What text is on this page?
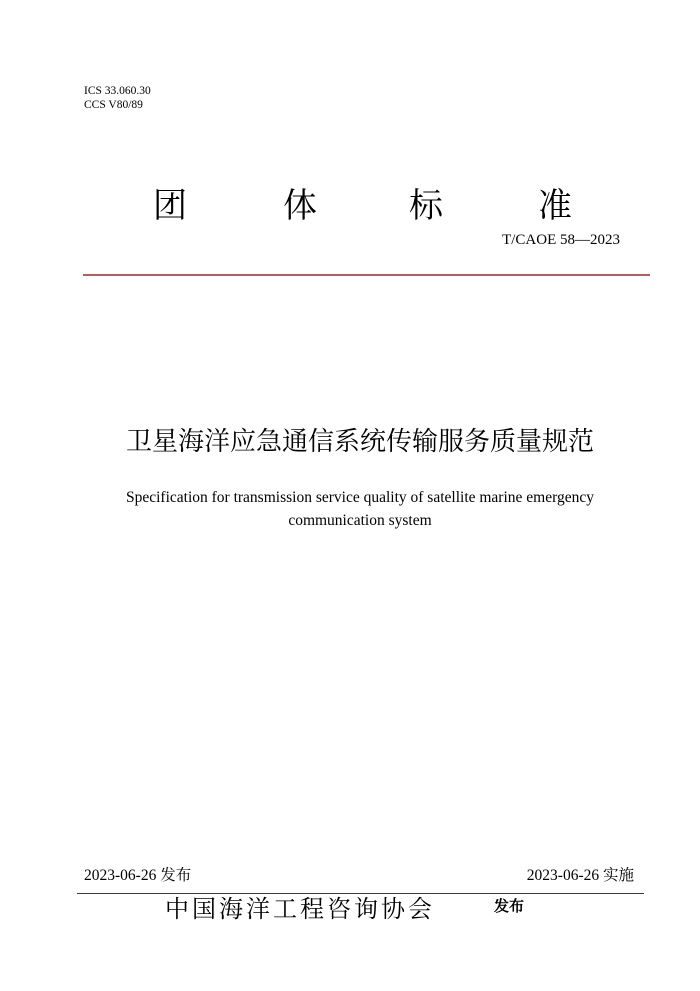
ICS 33.060.30
CCS V80/89
团	体	标	准
T/CAOE 58—2023
卫星海洋应急通信系统传输服务质量规范
Specification for transmission service quality of satellite marine emergency
communication system
2023-06-26 发布	2023-06-26 实施
中国海洋工程咨询协会	发布
